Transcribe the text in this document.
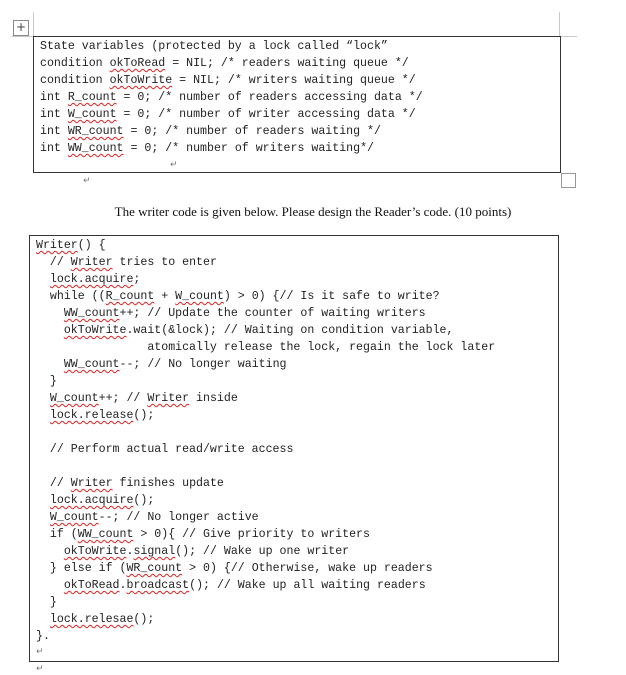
+
State variables (protected by a lock called “lock”
condition okToRead = NIL; /* readers waiting queue */
condition okToWrite = NIL; /* writers waiting queue */
int R_count = 0; /* number of readers accessing data */
int W_count = 0; /* number of writer accessing data */
int WR_count = 0; /* number of readers waiting */
int WW_count = 0; /* number of writers waiting*/
↵
↵
The writer code is given below. Please design the Reader’s code. (10 points)
Writer() {
// Writer tries to enter
lock.acquire;
while ((R_count + W_count) > 0) {// Is it safe to write?
WW_count++; // Update the counter of waiting writers
okToWrite.wait(&lock); // Waiting on condition variable,
atomically release the lock, regain the lock later
WW_count--; // No longer waiting
}
W_count++; // Writer inside
lock.release();
// Perform actual read/write access
// Writer finishes update
lock.acquire();
W_count--; // No longer active
if (WW_count > 0){ // Give priority to writers
okToWrite.signal(); // Wake up one writer
} else if (WR_count > 0) {// Otherwise, wake up readers
okToRead.broadcast(); // Wake up all waiting readers
}
lock.relesae();
}.
↵
↵
